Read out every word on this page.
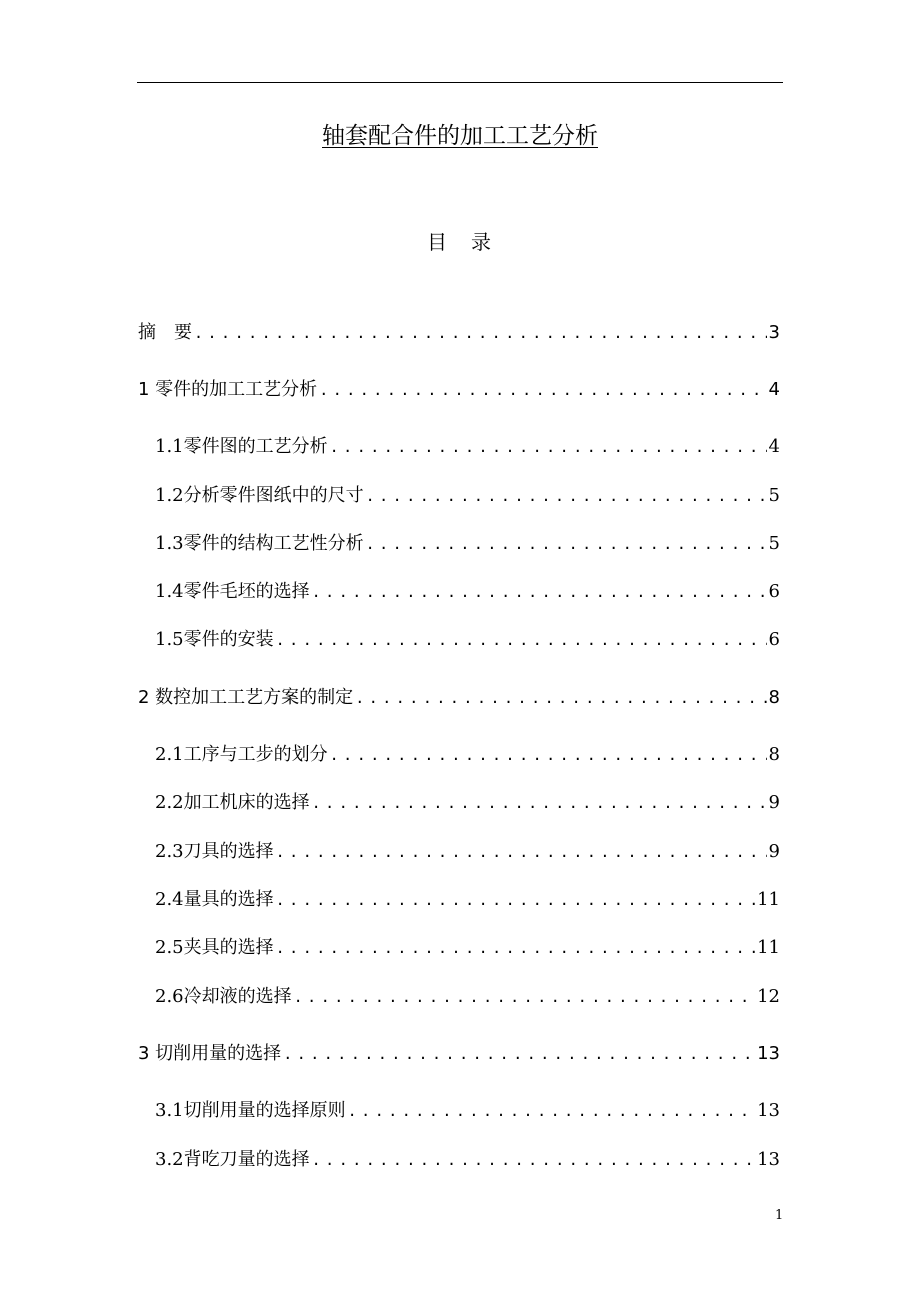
轴套配合件的加工工艺分析
目　录
摘　要 .....	3
1 零件的加工工艺分析 .....	4
1.1零件图的工艺分析 .....	4
1.2分析零件图纸中的尺寸 .....	5
1.3零件的结构工艺性分析 .....	5
1.4零件毛坯的选择 .....	6
1.5零件的安装 .....	6
2 数控加工工艺方案的制定 .....	8
2.1工序与工步的划分 .....	8
2.2加工机床的选择 .....	9
2.3刀具的选择 .....	9
2.4量具的选择 .....	11
2.5夹具的选择 .....	11
2.6冷却液的选择 .....	12
3 切削用量的选择 .....	13
3.1切削用量的选择原则 .....	13
3.2背吃刀量的选择 .....	13
1
